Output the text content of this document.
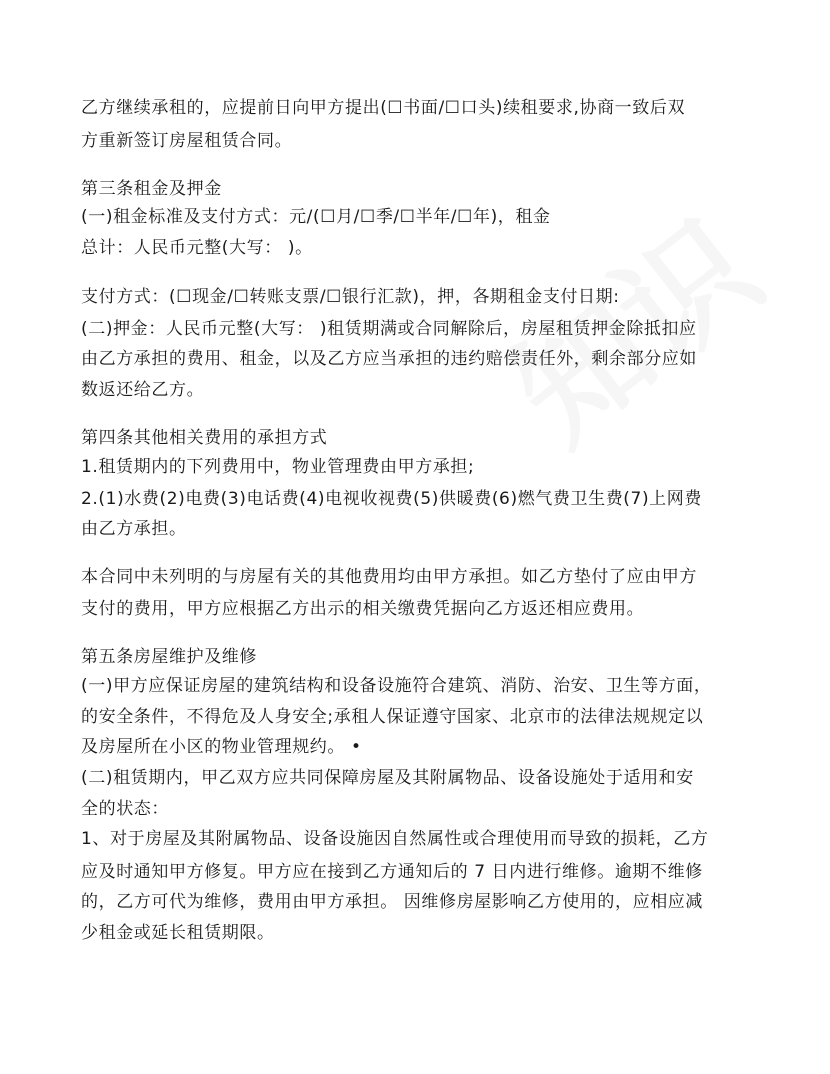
乙方继续承租的，应提前日向甲方提出(☐书面/☐口头)续租要求,协商一致后双
方重新签订房屋租赁合同。
第三条租金及押金
(一)租金标准及支付方式：元/(☐月/☐季/☐半年/☐年)，租金
总计：人民币元整(大写： )。
支付方式：(☐现金/☐转账支票/☐银行汇款)，押，各期租金支付日期:
(二)押金：人民币元整(大写： )租赁期满或合同解除后，房屋租赁押金除抵扣应
由乙方承担的费用、租金，以及乙方应当承担的违约赔偿责任外，剩余部分应如
数返还给乙方。
第四条其他相关费用的承担方式
1.租赁期内的下列费用中，物业管理费由甲方承担;
2.(1)水费(2)电费(3)电话费(4)电视收视费(5)供暖费(6)燃气费卫生费(7)上网费
由乙方承担。
本合同中未列明的与房屋有关的其他费用均由甲方承担。如乙方垫付了应由甲方
支付的费用，甲方应根据乙方出示的相关缴费凭据向乙方返还相应费用。
第五条房屋维护及维修
(一)甲方应保证房屋的建筑结构和设备设施符合建筑、消防、治安、卫生等方面，
的安全条件，不得危及人身安全;承租人保证遵守国家、北京市的法律法规规定以
及房屋所在小区的物业管理规约。 •
(二)租赁期内，甲乙双方应共同保障房屋及其附属物品、设备设施处于适用和安
全的状态：
1、对于房屋及其附属物品、设备设施因自然属性或合理使用而导致的损耗，乙方
应及时通知甲方修复。甲方应在接到乙方通知后的 7 日内进行维修。逾期不维修
的，乙方可代为维修，费用由甲方承担。 因维修房屋影响乙方使用的，应相应减
少租金或延长租赁期限。
